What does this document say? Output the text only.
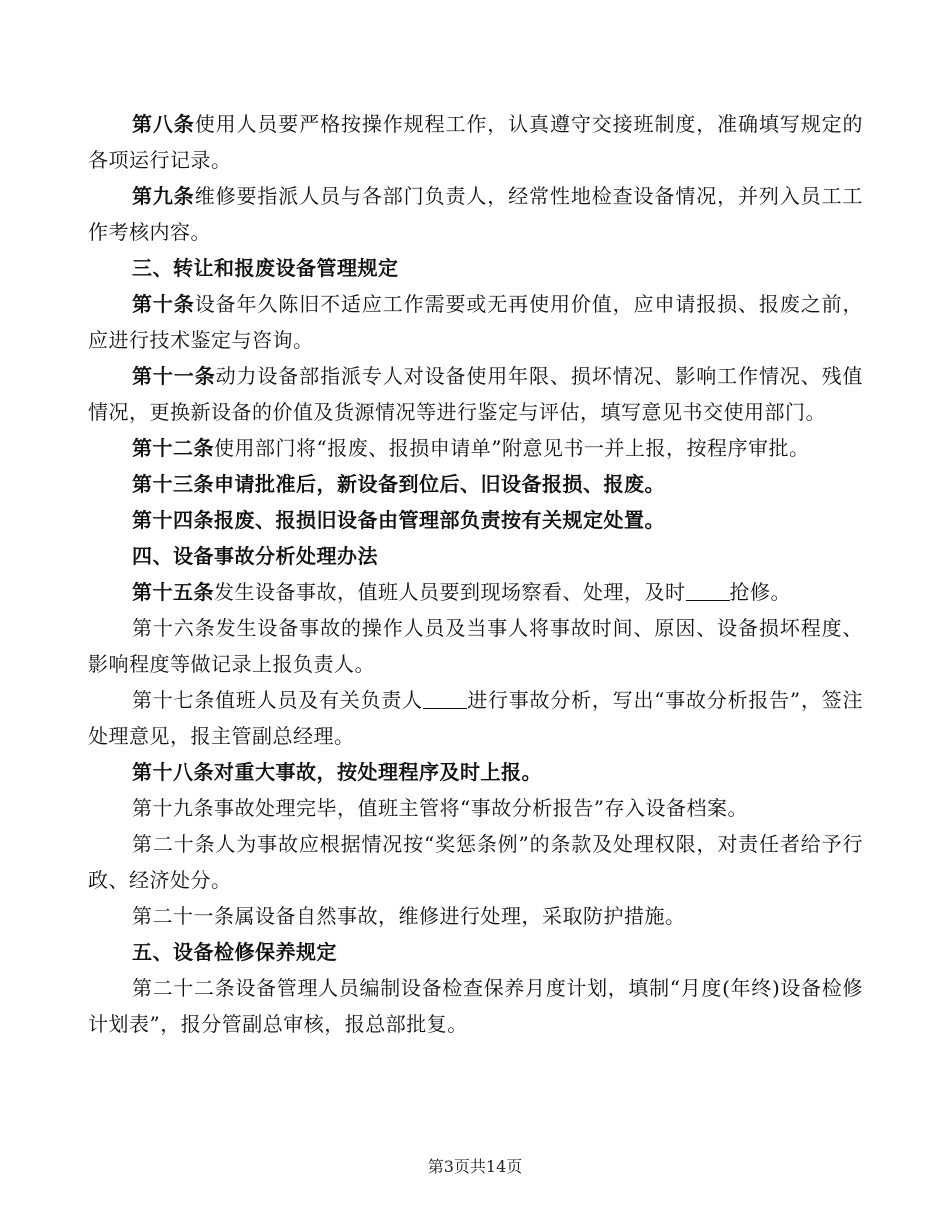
第八条使用人员要严格按操作规程工作，认真遵守交接班制度，准确填写规定的各项运行记录。

第九条维修要指派人员与各部门负责人，经常性地检查设备情况，并列入员工工作考核内容。

三、转让和报废设备管理规定

第十条设备年久陈旧不适应工作需要或无再使用价值，应申请报损、报废之前，应进行技术鉴定与咨询。

第十一条动力设备部指派专人对设备使用年限、损坏情况、影响工作情况、残值情况，更换新设备的价值及货源情况等进行鉴定与评估，填写意见书交使用部门。

第十二条使用部门将“报废、报损申请单”附意见书一并上报，按程序审批。

第十三条申请批准后，新设备到位后、旧设备报损、报废。

第十四条报废、报损旧设备由管理部负责按有关规定处置。

四、设备事故分析处理办法

第十五条发生设备事故，值班人员要到现场察看、处理，及时 抢修。

第十六条发生设备事故的操作人员及当事人将事故时间、原因、设备损坏程度、影响程度等做记录上报负责人。

第十七条值班人员及有关负责人 进行事故分析，写出“事故分析报告”，签注处理意见，报主管副总经理。

第十八条对重大事故，按处理程序及时上报。

第十九条事故处理完毕，值班主管将“事故分析报告”存入设备档案。

第二十条人为事故应根据情况按“奖惩条例”的条款及处理权限，对责任者给予行政、经济处分。

第二十一条属设备自然事故，维修进行处理，采取防护措施。

五、设备检修保养规定

第二十二条设备管理人员编制设备检查保养月度计划，填制“月度(年终)设备检修计划表”，报分管副总审核，报总部批复。

第3页共14页
